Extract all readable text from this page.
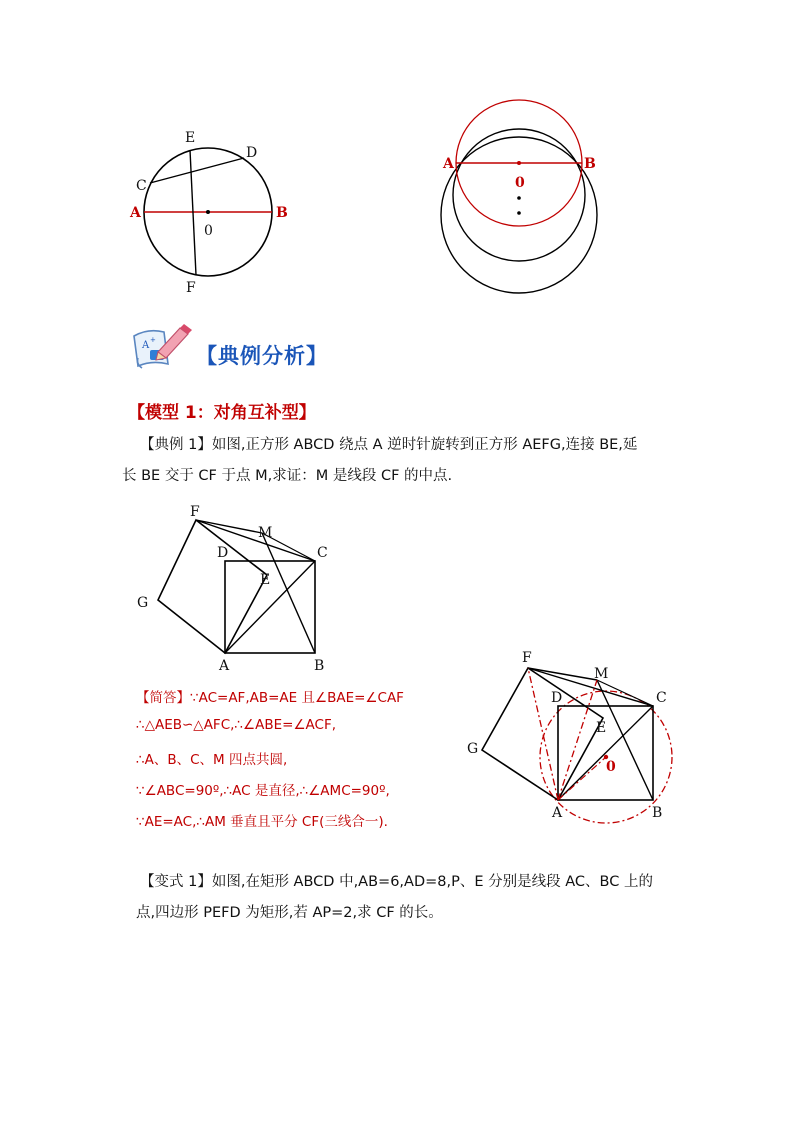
E
D
C
A	B
0
F
A	B
0
A +
【典例分析】
【模型 1：对角互补型】
【典例 1】如图,正方形 ABCD 绕点 A 逆时针旋转到正方形 AEFG,连接 BE,延
长 BE 交于 CF 于点 M,求证：M 是线段 CF 的中点.
F
M
D	C
E
G
A	B
【简答】∵AC=AF,AB=AE 且∠BAE=∠CAF
∴△AEB∽△AFC,∴∠ABE=∠ACF,
∴A、B、C、M 四点共圆,
∵∠ABC=90º,∴AC 是直径,∴∠AMC=90º,
∵AE=AC,∴AM 垂直且平分 CF(三线合一).
F
M
D	C
E
G
0
A	B
【变式 1】如图,在矩形 ABCD 中,AB=6,AD=8,P、E 分别是线段 AC、BC 上的
点,四边形 PEFD 为矩形,若 AP=2,求 CF 的长。
